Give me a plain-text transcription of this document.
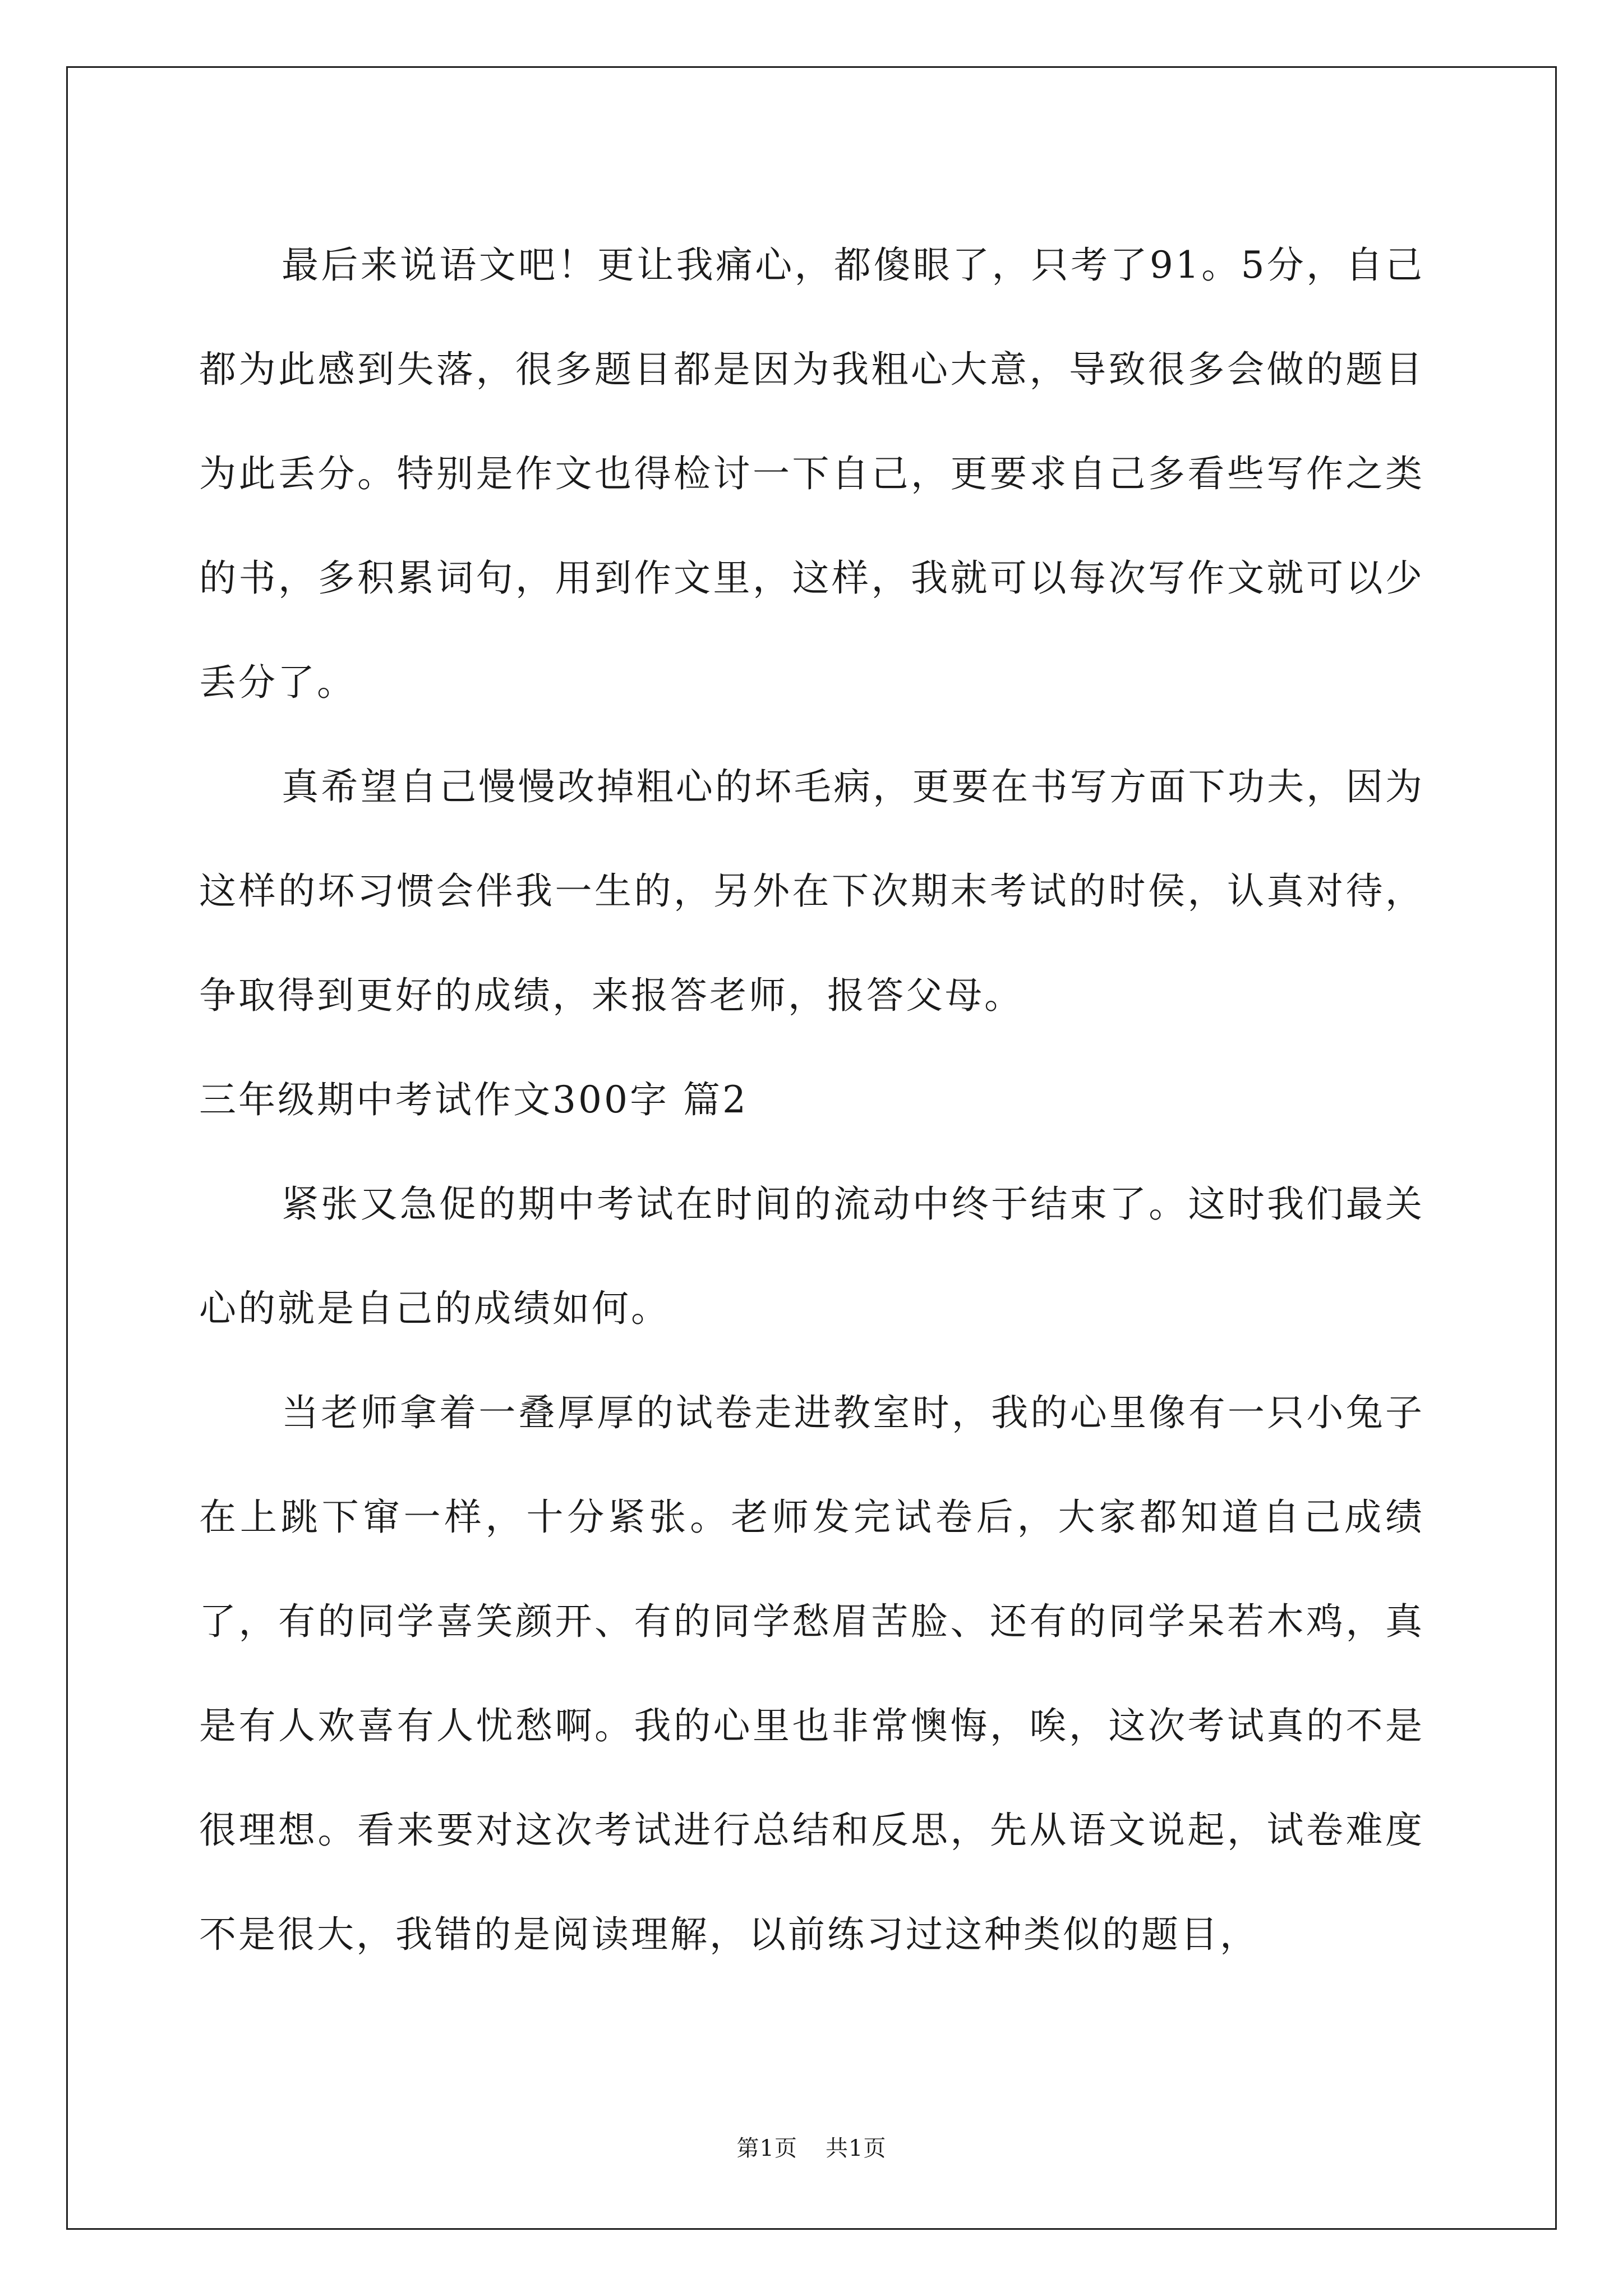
最后来说语文吧！更让我痛心，都傻眼了，只考了91。5分，自己都为此感到失落，很多题目都是因为我粗心大意，导致很多会做的题目为此丢分。特别是作文也得检讨一下自己，更要求自己多看些写作之类的书，多积累词句，用到作文里，这样，我就可以每次写作文就可以少丢分了。

真希望自己慢慢改掉粗心的坏毛病，更要在书写方面下功夫，因为这样的坏习惯会伴我一生的，另外在下次期末考试的时侯，认真对待，争取得到更好的成绩，来报答老师，报答父母。

三年级期中考试作文300字 篇2

紧张又急促的期中考试在时间的流动中终于结束了。这时我们最关心的就是自己的成绩如何。

当老师拿着一叠厚厚的试卷走进教室时，我的心里像有一只小兔子在上跳下窜一样，十分紧张。老师发完试卷后，大家都知道自己成绩了，有的同学喜笑颜开、有的同学愁眉苦脸、还有的同学呆若木鸡，真是有人欢喜有人忧愁啊。我的心里也非常懊悔，唉，这次考试真的不是很理想。看来要对这次考试进行总结和反思，先从语文说起，试卷难度不是很大，我错的是阅读理解，以前练习过这种类似的题目，

第1页 共1页
